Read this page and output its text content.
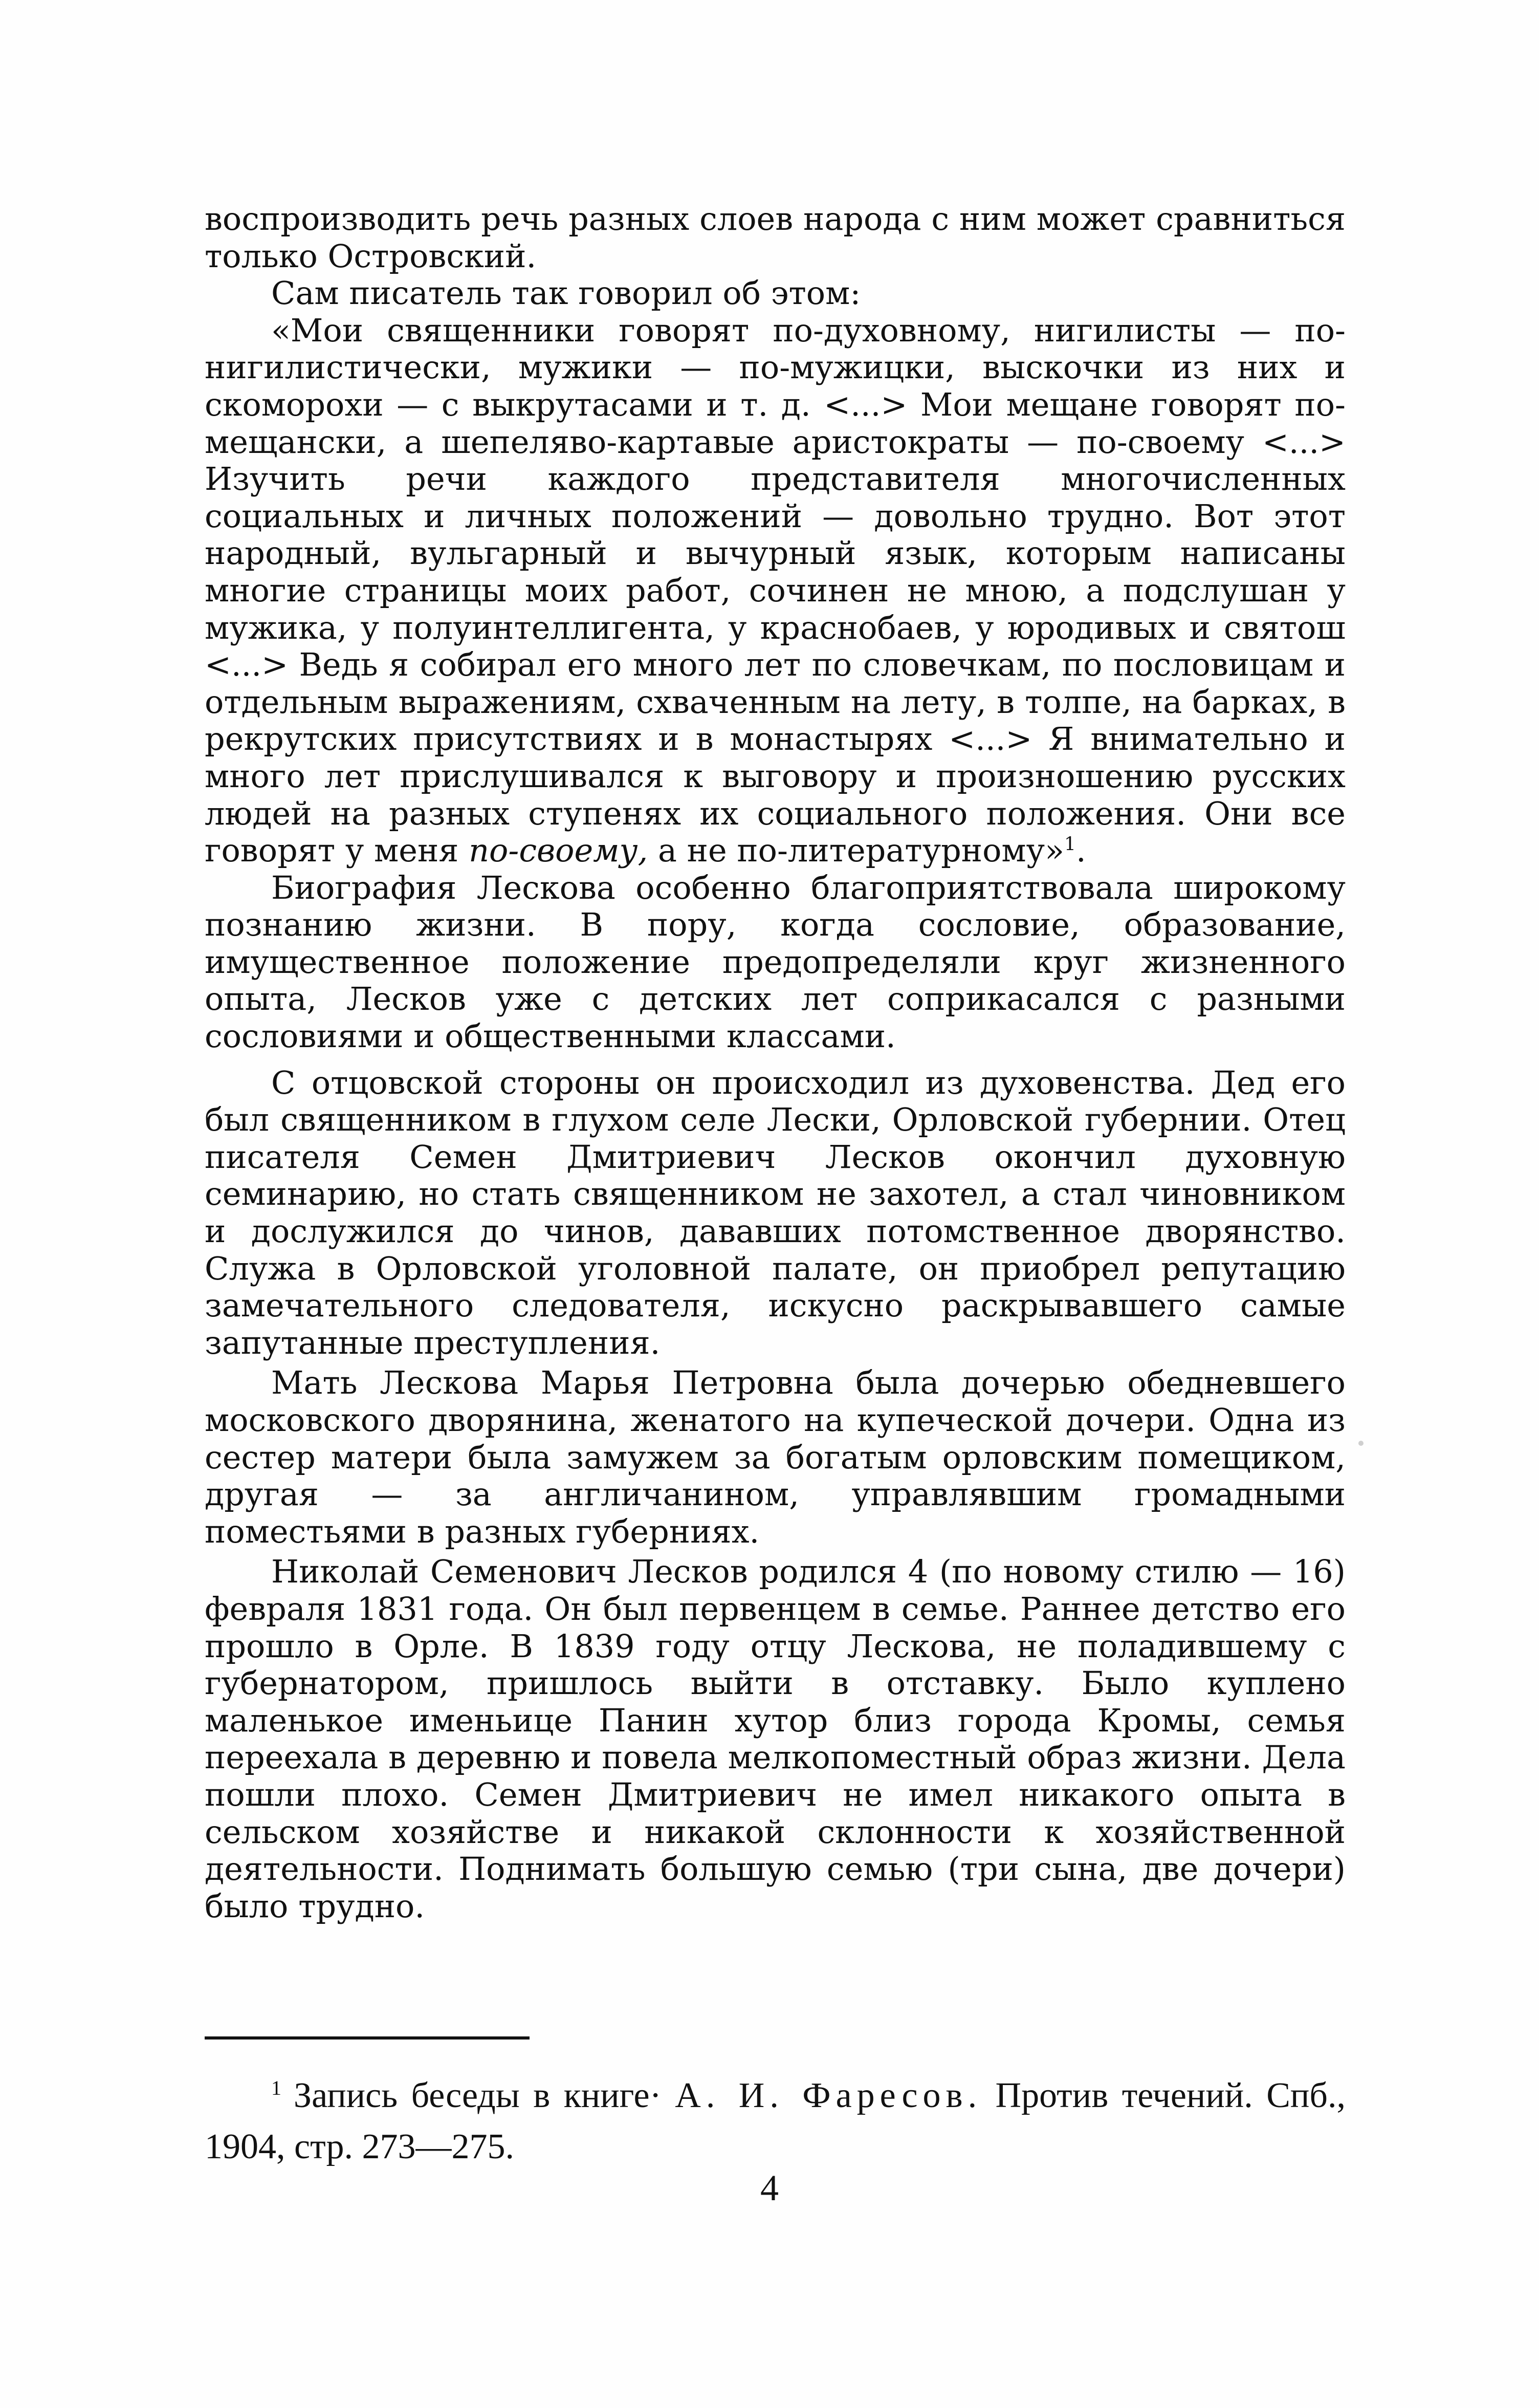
воспроизводить речь разных слоев народа с ним может сравниться только Островский.

Сам писатель так говорил об этом:

«Мои священники говорят по-духовному, нигилисты — по-нигилистически, мужики — по-мужицки, выскочки из них и скоморохи — с выкрутасами и т. д. <...> Мои мещане говорят по-мещански, а шепеляво-картавые аристократы — по-своему <...> Изучить речи каждого представителя многочисленных социальных и личных положений — довольно трудно. Вот этот народный, вульгарный и вычурный язык, которым написаны многие страницы моих работ, сочинен не мною, а подслушан у мужика, у полуинтеллигента, у краснобаев, у юродивых и святош <...> Ведь я собирал его много лет по словечкам, по пословицам и отдельным выражениям, схваченным на лету, в толпе, на барках, в рекрутских присутствиях и в монастырях <...> Я внимательно и много лет прислушивался к выговору и произношению русских людей на разных ступенях их социального положения. Они все говорят у меня по-своему, а не по-литературному»$^1$.

Биография Лескова особенно благоприятствовала широкому познанию жизни. В пору, когда сословие, образование, имущественное положение предопределяли круг жизненного опыта, Лесков уже с детских лет соприкасался с разными сословиями и общественными классами.

С отцовской стороны он происходил из духовенства. Дед его был священником в глухом селе Лески, Орловской губернии. Отец писателя Семен Дмитриевич Лесков окончил духовную семинарию, но стать священником не захотел, а стал чиновником и дослужился до чинов, дававших потомственное дворянство. Служа в Орловской уголовной палате, он приобрел репутацию замечательного следователя, искусно раскрывавшего самые запутанные преступления.

Мать Лескова Марья Петровна была дочерью обедневшего московского дворянина, женатого на купеческой дочери. Одна из сестер матери была замужем за богатым орловским помещиком, другая — за англичанином, управлявшим громадными поместьями в разных губерниях.

Николай Семенович Лесков родился 4 (по новому стилю — 16) февраля 1831 года. Он был первенцем в семье. Раннее детство его прошло в Орле. В 1839 году отцу Лескова, не поладившему с губернатором, пришлось выйти в отставку. Было куплено маленькое именьице Панин хутор близ города Кромы, семья переехала в деревню и повела мелкопоместный образ жизни. Дела пошли плохо. Семен Дмитриевич не имел никакого опыта в сельском хозяйстве и никакой склонности к хозяйственной деятельности. Поднимать большую семью (три сына, две дочери) было трудно.

$^1$ Запись беседы в книге· А. И. Фаресов. Против течений. Спб., 1904, стр. 273—275.
4
